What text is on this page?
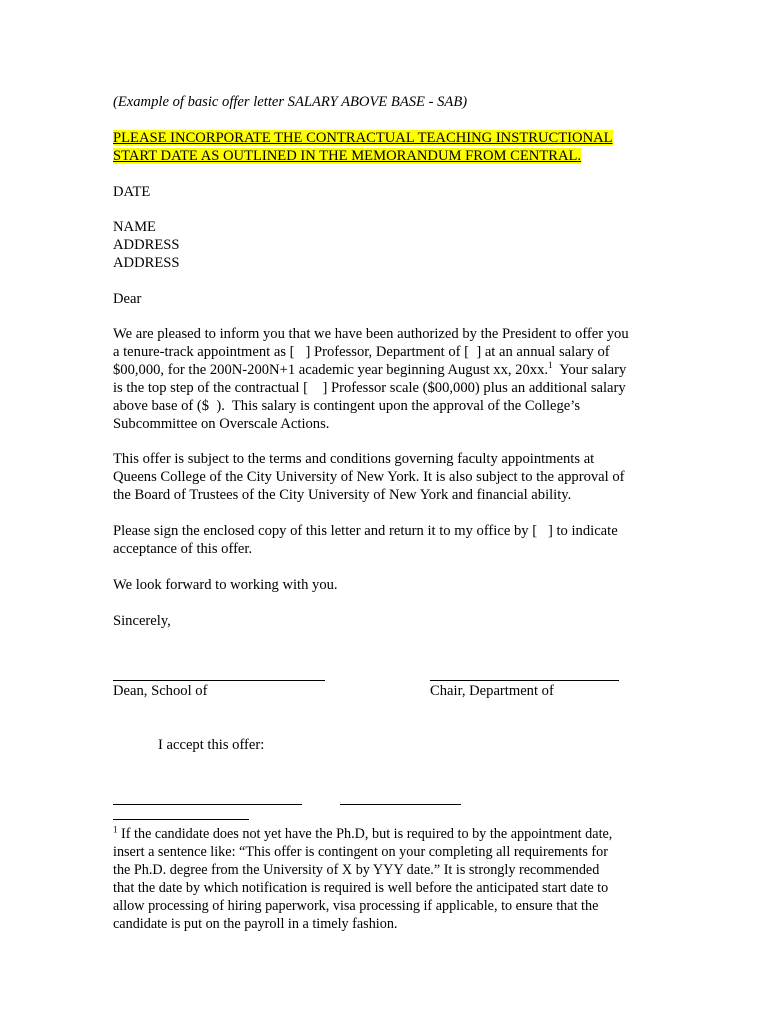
(Example of basic offer letter SALARY ABOVE BASE - SAB)

PLEASE INCORPORATE THE CONTRACTUAL TEACHING INSTRUCTIONAL
START DATE AS OUTLINED IN THE MEMORANDUM FROM CENTRAL.

DATE

NAME
ADDRESS
ADDRESS

Dear

We are pleased to inform you that we have been authorized by the President to offer you
a tenure-track appointment as [   ] Professor, Department of [  ] at an annual salary of
$00,000, for the 200N-200N+1 academic year beginning August xx, 20xx.$^1$  Your salary
is the top step of the contractual [    ] Professor scale ($00,000) plus an additional salary
above base of ($  ).  This salary is contingent upon the approval of the College’s
Subcommittee on Overscale Actions.
This offer is subject to the terms and conditions governing faculty appointments at
Queens College of the City University of New York. It is also subject to the approval of
the Board of Trustees of the City University of New York and financial ability.
Please sign the enclosed copy of this letter and return it to my office by [   ] to indicate
acceptance of this offer.

We look forward to working with you.

Sincerely,

Dean, School of	Chair, Department of
I accept this offer:
$^1$ If the candidate does not yet have the Ph.D, but is required to by the appointment date,
insert a sentence like: “This offer is contingent on your completing all requirements for
the Ph.D. degree from the University of X by YYY date.” It is strongly recommended
that the date by which notification is required is well before the anticipated start date to
allow processing of hiring paperwork, visa processing if applicable, to ensure that the
candidate is put on the payroll in a timely fashion.
